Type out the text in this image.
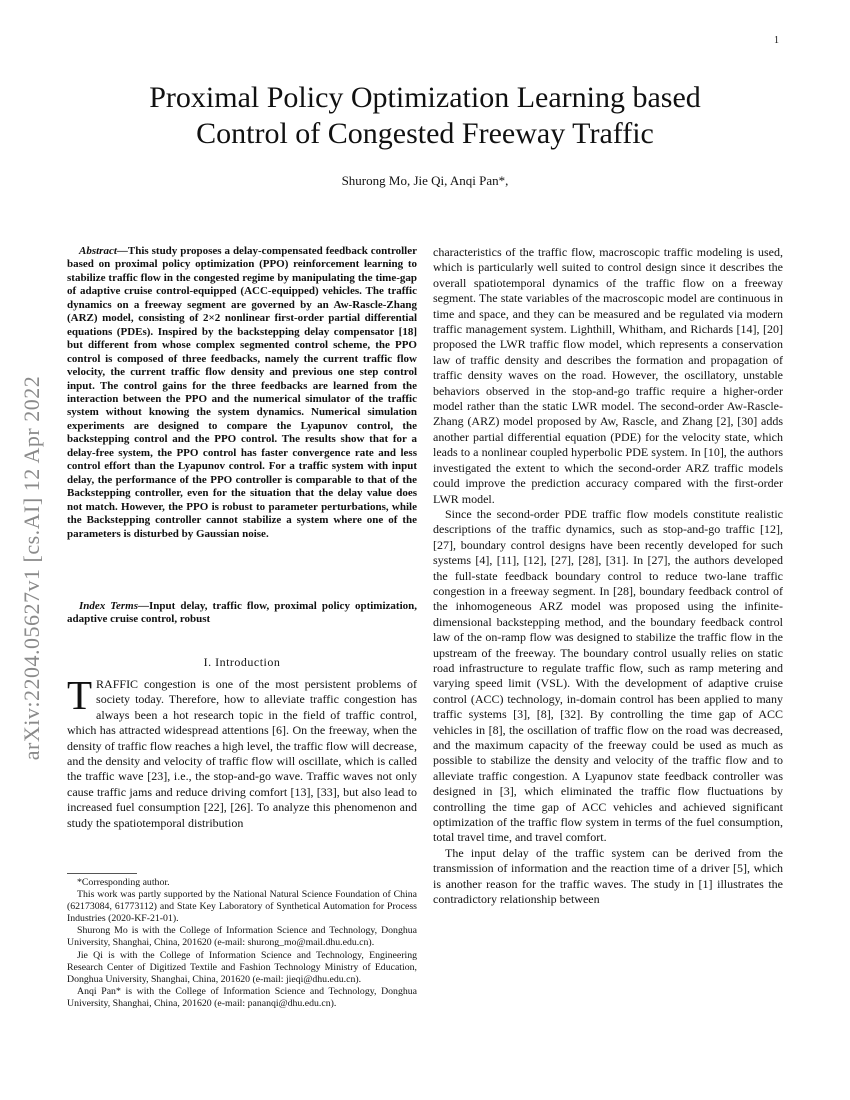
1
arXiv:2204.05627v1 [cs.AI] 12 Apr 2022
Proximal Policy Optimization Learning based
Control of Congested Freeway Traffic
Shurong Mo, Jie Qi, Anqi Pan*,

Abstract—This study proposes a delay-compensated feedback controller based on proximal policy optimization (PPO) reinforcement learning to stabilize traffic flow in the congested regime by manipulating the time-gap of adaptive cruise control-equipped (ACC-equipped) vehicles. The traffic dynamics on a freeway segment are governed by an Aw-Rascle-Zhang (ARZ) model, consisting of 2×2 nonlinear first-order partial differential equations (PDEs). Inspired by the backstepping delay compensator [18] but different from whose complex segmented control scheme, the PPO control is composed of three feedbacks, namely the current traffic flow velocity, the current traffic flow density and previous one step control input. The control gains for the three feedbacks are learned from the interaction between the PPO and the numerical simulator of the traffic system without knowing the system dynamics. Numerical simulation experiments are designed to compare the Lyapunov control, the backstepping control and the PPO control. The results show that for a delay-free system, the PPO control has faster convergence rate and less control effort than the Lyapunov control. For a traffic system with input delay, the performance of the PPO controller is comparable to that of the Backstepping controller, even for the situation that the delay value does not match. However, the PPO is robust to parameter perturbations, while the Backstepping controller cannot stabilize a system where one of the parameters is disturbed by Gaussian noise.

Index Terms—Input delay, traffic flow, proximal policy optimization, adaptive cruise control, robust

I. Introduction

TRAFFIC congestion is one of the most persistent problems of society today. Therefore, how to alleviate traffic congestion has always been a hot research topic in the field of traffic control, which has attracted widespread attentions [6]. On the freeway, when the density of traffic flow reaches a high level, the traffic flow will decrease, and the density and velocity of traffic flow will oscillate, which is called the traffic wave [23], i.e., the stop-and-go wave. Traffic waves not only cause traffic jams and reduce driving comfort [13], [33], but also lead to increased fuel consumption [22], [26]. To analyze this phenomenon and study the spatiotemporal distribution

*Corresponding author.

This work was partly supported by the National Natural Science Foundation of China (62173084, 61773112) and State Key Laboratory of Synthetical Automation for Process Industries (2020-KF-21-01).

Shurong Mo is with the College of Information Science and Technology, Donghua University, Shanghai, China, 201620 (e-mail: shurong_mo@mail.dhu.edu.cn).

Jie Qi is with the College of Information Science and Technology, Engineering Research Center of Digitized Textile and Fashion Technology Ministry of Education, Donghua University, Shanghai, China, 201620 (e-mail: jieqi@dhu.edu.cn).

Anqi Pan* is with the College of Information Science and Technology, Donghua University, Shanghai, China, 201620 (e-mail: pananqi@dhu.edu.cn).

characteristics of the traffic flow, macroscopic traffic modeling is used, which is particularly well suited to control design since it describes the overall spatiotemporal dynamics of the traffic flow on a freeway segment. The state variables of the macroscopic model are continuous in time and space, and they can be measured and be regulated via modern traffic management system. Lighthill, Whitham, and Richards [14], [20] proposed the LWR traffic flow model, which represents a conservation law of traffic density and describes the formation and propagation of traffic density waves on the road. However, the oscillatory, unstable behaviors observed in the stop-and-go traffic require a higher-order model rather than the static LWR model. The second-order Aw-Rascle-Zhang (ARZ) model proposed by Aw, Rascle, and Zhang [2], [30] adds another partial differential equation (PDE) for the velocity state, which leads to a nonlinear coupled hyperbolic PDE system. In [10], the authors investigated the extent to which the second-order ARZ traffic models could improve the prediction accuracy compared with the first-order LWR model.

Since the second-order PDE traffic flow models constitute realistic descriptions of the traffic dynamics, such as stop-and-go traffic [12], [27], boundary control designs have been recently developed for such systems [4], [11], [12], [27], [28], [31]. In [27], the authors developed the full-state feedback boundary control to reduce two-lane traffic congestion in a freeway segment. In [28], boundary feedback control of the inhomogeneous ARZ model was proposed using the infinite-dimensional backstepping method, and the boundary feedback control law of the on-ramp flow was designed to stabilize the traffic flow in the upstream of the freeway. The boundary control usually relies on static road infrastructure to regulate traffic flow, such as ramp metering and varying speed limit (VSL). With the development of adaptive cruise control (ACC) technology, in-domain control has been applied to many traffic systems [3], [8], [32]. By controlling the time gap of ACC vehicles in [8], the oscillation of traffic flow on the road was decreased, and the maximum capacity of the freeway could be used as much as possible to stabilize the density and velocity of the traffic flow and to alleviate traffic congestion. A Lyapunov state feedback controller was designed in [3], which eliminated the traffic flow fluctuations by controlling the time gap of ACC vehicles and achieved significant optimization of the traffic flow system in terms of the fuel consumption, total travel time, and travel comfort.

The input delay of the traffic system can be derived from the transmission of information and the reaction time of a driver [5], which is another reason for the traffic waves. The study in [1] illustrates the contradictory relationship between
